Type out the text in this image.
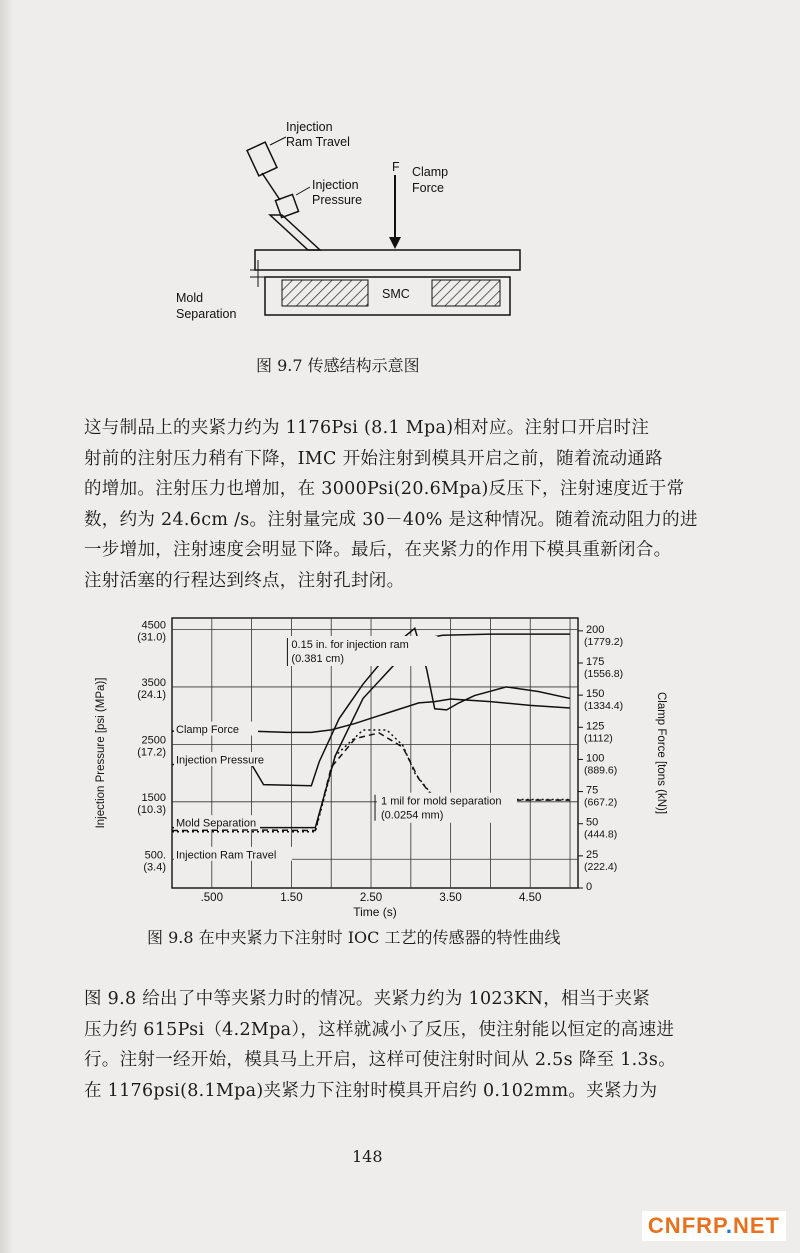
SMC
Injection
Ram Travel
Injection
Pressure
F Clamp
Force
Mold
Separation
图 9.7 传感结构示意图
这与制品上的夹紧力约为 1176Psi (8.1 Mpa)相对应。注射口开启时注
射前的注射压力稍有下降，IMC 开始注射到模具开启之前，随着流动通路
的增加。注射压力也增加，在 3000Psi(20.6Mpa)反压下，注射速度近于常
数，约为 24.6cm /s。注射量完成 30－40% 是这种情况。随着流动阻力的进
一步增加，注射速度会明显下降。最后，在夹紧力的作用下模具重新闭合。
注射活塞的行程达到终点，注射孔封闭。
4500
(31.0)
3500
(24.1)
2500
(17.2)
1500
(10.3)
500.
(3.4)
200
(1779.2)
175
(1556.8)
150
(1334.4)
125
(1112)
100
(889.6)
75
(667.2)
50
(444.8)
25
(222.4)
0
.500	1.50	2.50	3.50	4.50
Time (s)
Injection Pressure [psi (MPa)]	Clamp Force [tons (kN)]
Clamp Force
Injection Pressure
Mold Separation
Injection Ram Travel
0.15 in. for injection ram
(0.381 cm)
1 mil for mold separation
(0.0254 mm)
图 9.8 在中夹紧力下注射时 IOC 工艺的传感器的特性曲线
图 9.8 给出了中等夹紧力时的情况。夹紧力约为 1023KN，相当于夹紧
压力约 615Psi（4.2Mpa），这样就减小了反压，使注射能以恒定的高速进
行。注射一经开始，模具马上开启，这样可使注射时间从 2.5s 降至 1.3s。
在 1176psi(8.1Mpa)夹紧力下注射时模具开启约 0.102mm。夹紧力为
148
CNFRP.NET
